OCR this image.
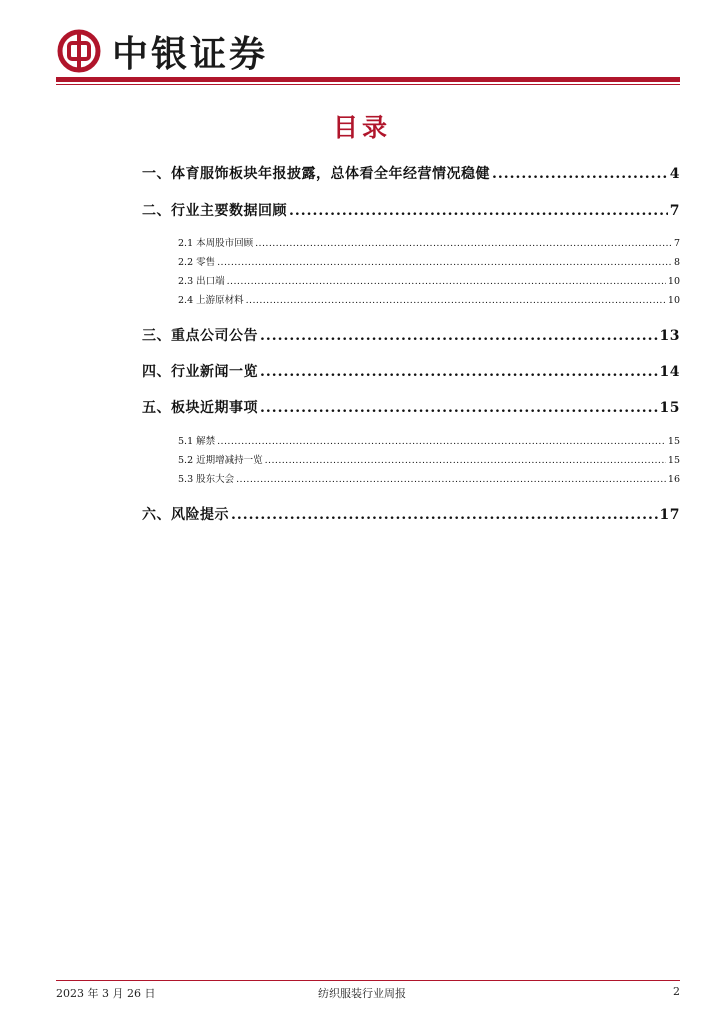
中银证券
目录
一、体育服饰板块年报披露，总体看全年经营情况稳健 .....	4
二、行业主要数据回顾 .....	7
2.1 本周股市回顾 .....	7
2.2 零售 .....	8
2.3 出口端 .....	10
2.4 上游原材料 .....	10
三、重点公司公告 .....	13
四、行业新闻一览 .....	14
五、板块近期事项 .....	15
5.1 解禁 .....	15
5.2 近期增减持一览 .....	15
5.3 股东大会 .....	16
六、风险提示 .....	17
2023 年 3 月 26 日	纺织服装行业周报	2
